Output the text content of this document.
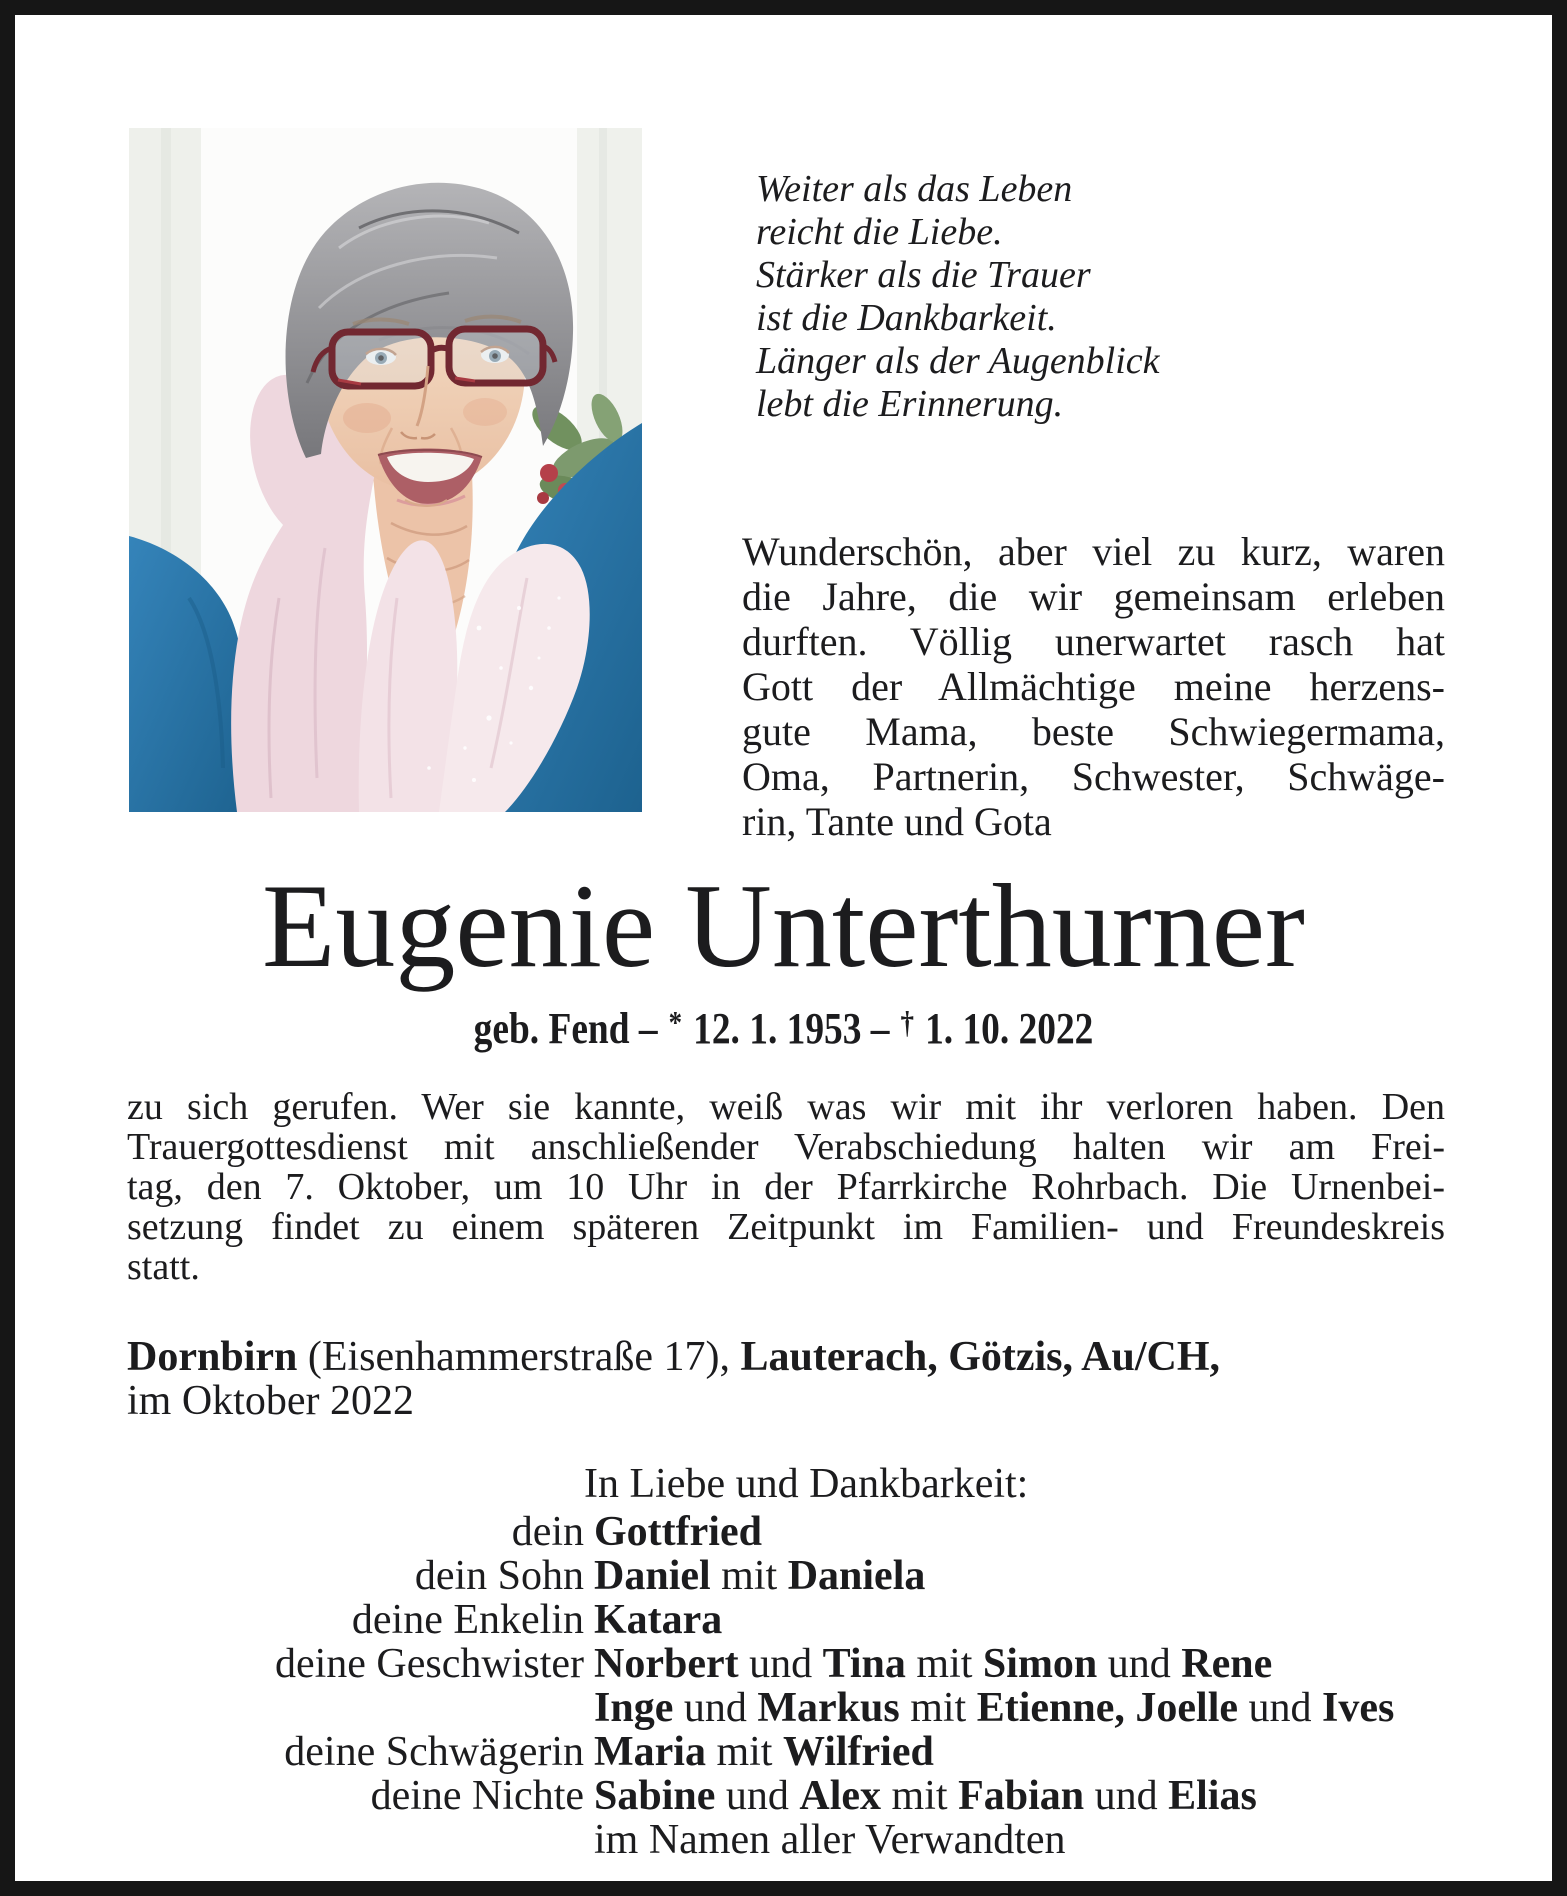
Weiter als das Leben
reicht die Liebe.
Stärker als die Trauer
ist die Dankbarkeit.
Länger als der Augenblick
lebt die Erinnerung.
Wunderschön, aber viel zu kurz, waren
die Jahre, die wir gemeinsam erleben
durften. Völlig unerwartet rasch hat
Gott der Allmächtige meine herzens-
gute Mama, beste Schwiegermama,
Oma, Partnerin, Schwester, Schwäge-
rin, Tante und Gota
Eugenie Unterthurner
geb. Fend – * 12. 1. 1953 – † 1. 10. 2022
zu sich gerufen. Wer sie kannte, weiß was wir mit ihr verloren haben. Den
Trauergottesdienst mit anschließender Verabschiedung halten wir am Frei-
tag, den 7. Oktober, um 10 Uhr in der Pfarrkirche Rohrbach. Die Urnenbei-
setzung findet zu einem späteren Zeitpunkt im Familien- und Freundeskreis
statt.
Dornbirn (Eisenhammerstraße 17), Lauterach, Götzis, Au/CH,
im Oktober 2022
In Liebe und Dankbarkeit:
dein Gottfried
dein Sohn Daniel mit Daniela
deine Enkelin Katara
deine Geschwister Norbert und Tina mit Simon und Rene
Inge und Markus mit Etienne, Joelle und Ives
deine Schwägerin Maria mit Wilfried
deine Nichte Sabine und Alex mit Fabian und Elias
im Namen aller Verwandten
